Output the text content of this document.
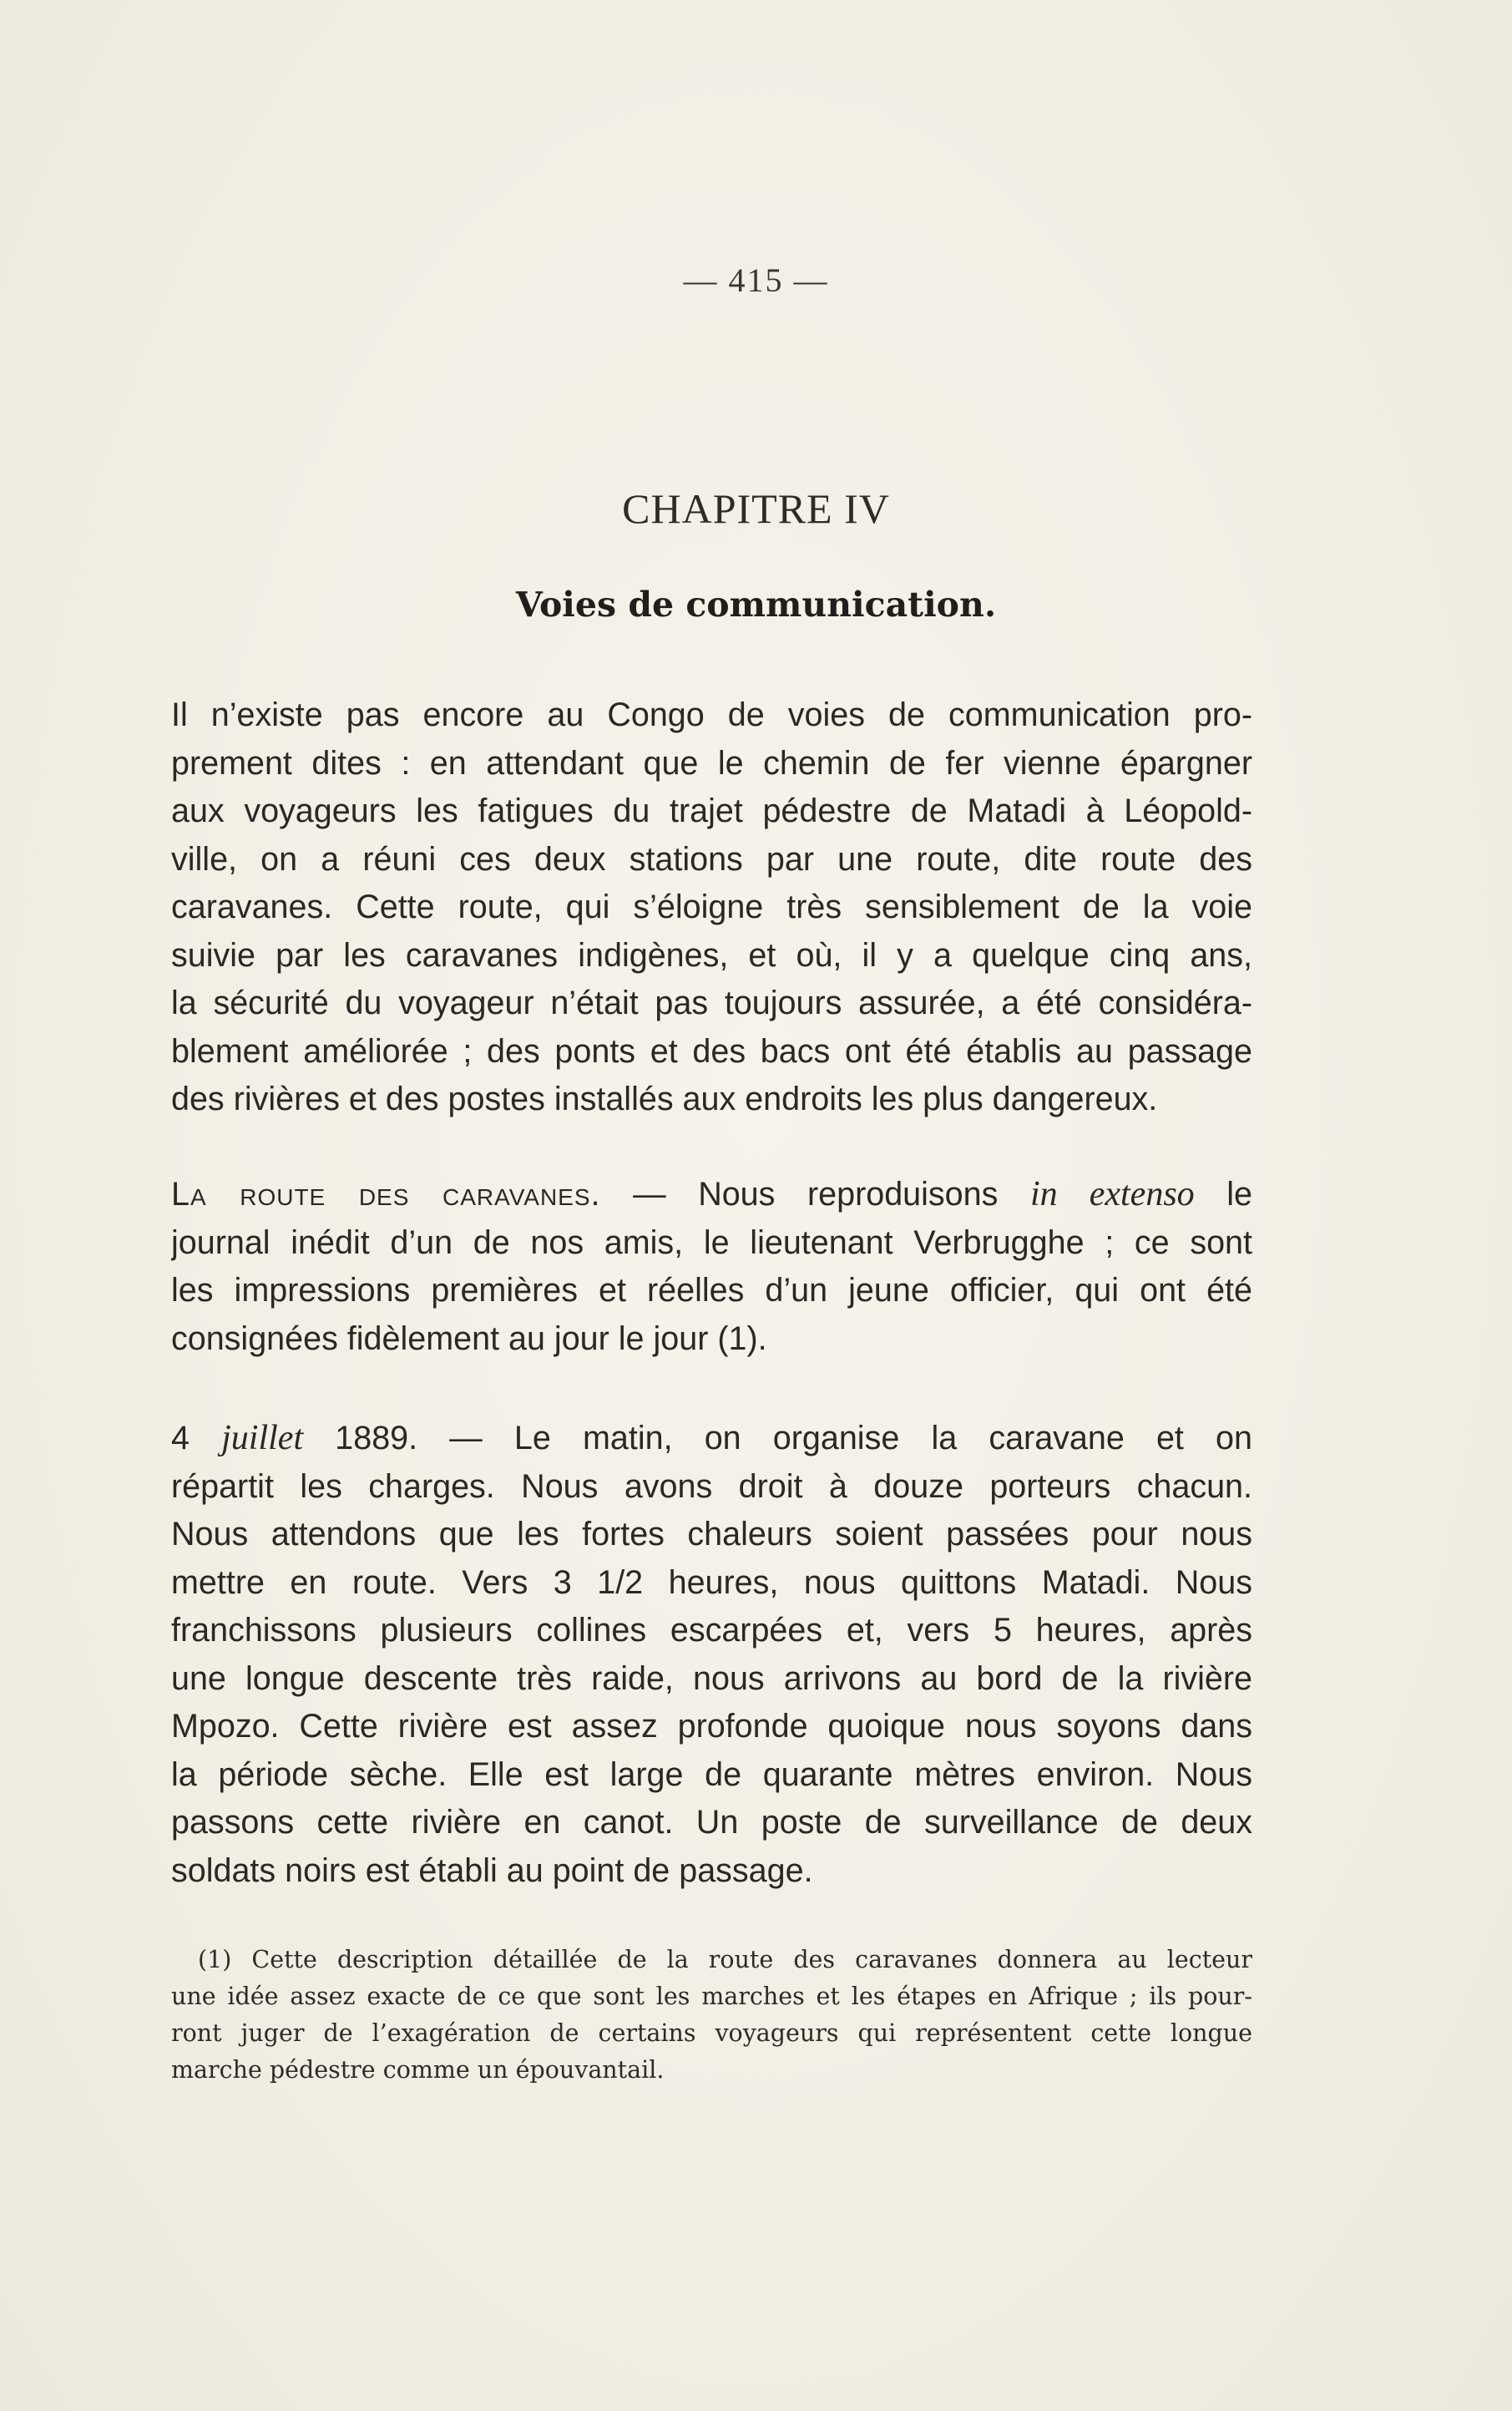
— 415 —
CHAPITRE IV
Voies de communication.
Il n’existe pas encore au Congo de voies de communication pro-
prement dites : en attendant que le chemin de fer vienne épargner
aux voyageurs les fatigues du trajet pédestre de Matadi à Léopold-
ville, on a réuni ces deux stations par une route, dite route des
caravanes. Cette route, qui s’éloigne très sensiblement de la voie
suivie par les caravanes indigènes, et où, il y a quelque cinq ans,
la sécurité du voyageur n’était pas toujours assurée, a été considéra-
blement améliorée ; des ponts et des bacs ont été établis au passage
des rivières et des postes installés aux endroits les plus dangereux.
La route des caravanes. — Nous reproduisons in extenso le
journal inédit d’un de nos amis, le lieutenant Verbrugghe ; ce sont
les impressions premières et réelles d’un jeune officier, qui ont été
consignées fidèlement au jour le jour (1).
4 juillet 1889. — Le matin, on organise la caravane et on
répartit les charges. Nous avons droit à douze porteurs chacun.
Nous attendons que les fortes chaleurs soient passées pour nous
mettre en route. Vers 3 1/2 heures, nous quittons Matadi. Nous
franchissons plusieurs collines escarpées et, vers 5 heures, après
une longue descente très raide, nous arrivons au bord de la rivière
Mpozo. Cette rivière est assez profonde quoique nous soyons dans
la période sèche. Elle est large de quarante mètres environ. Nous
passons cette rivière en canot. Un poste de surveillance de deux
soldats noirs est établi au point de passage.
(1) Cette description détaillée de la route des caravanes donnera au lecteur
une idée assez exacte de ce que sont les marches et les étapes en Afrique ; ils pour-
ront juger de l’exagération de certains voyageurs qui représentent cette longue
marche pédestre comme un épouvantail.
